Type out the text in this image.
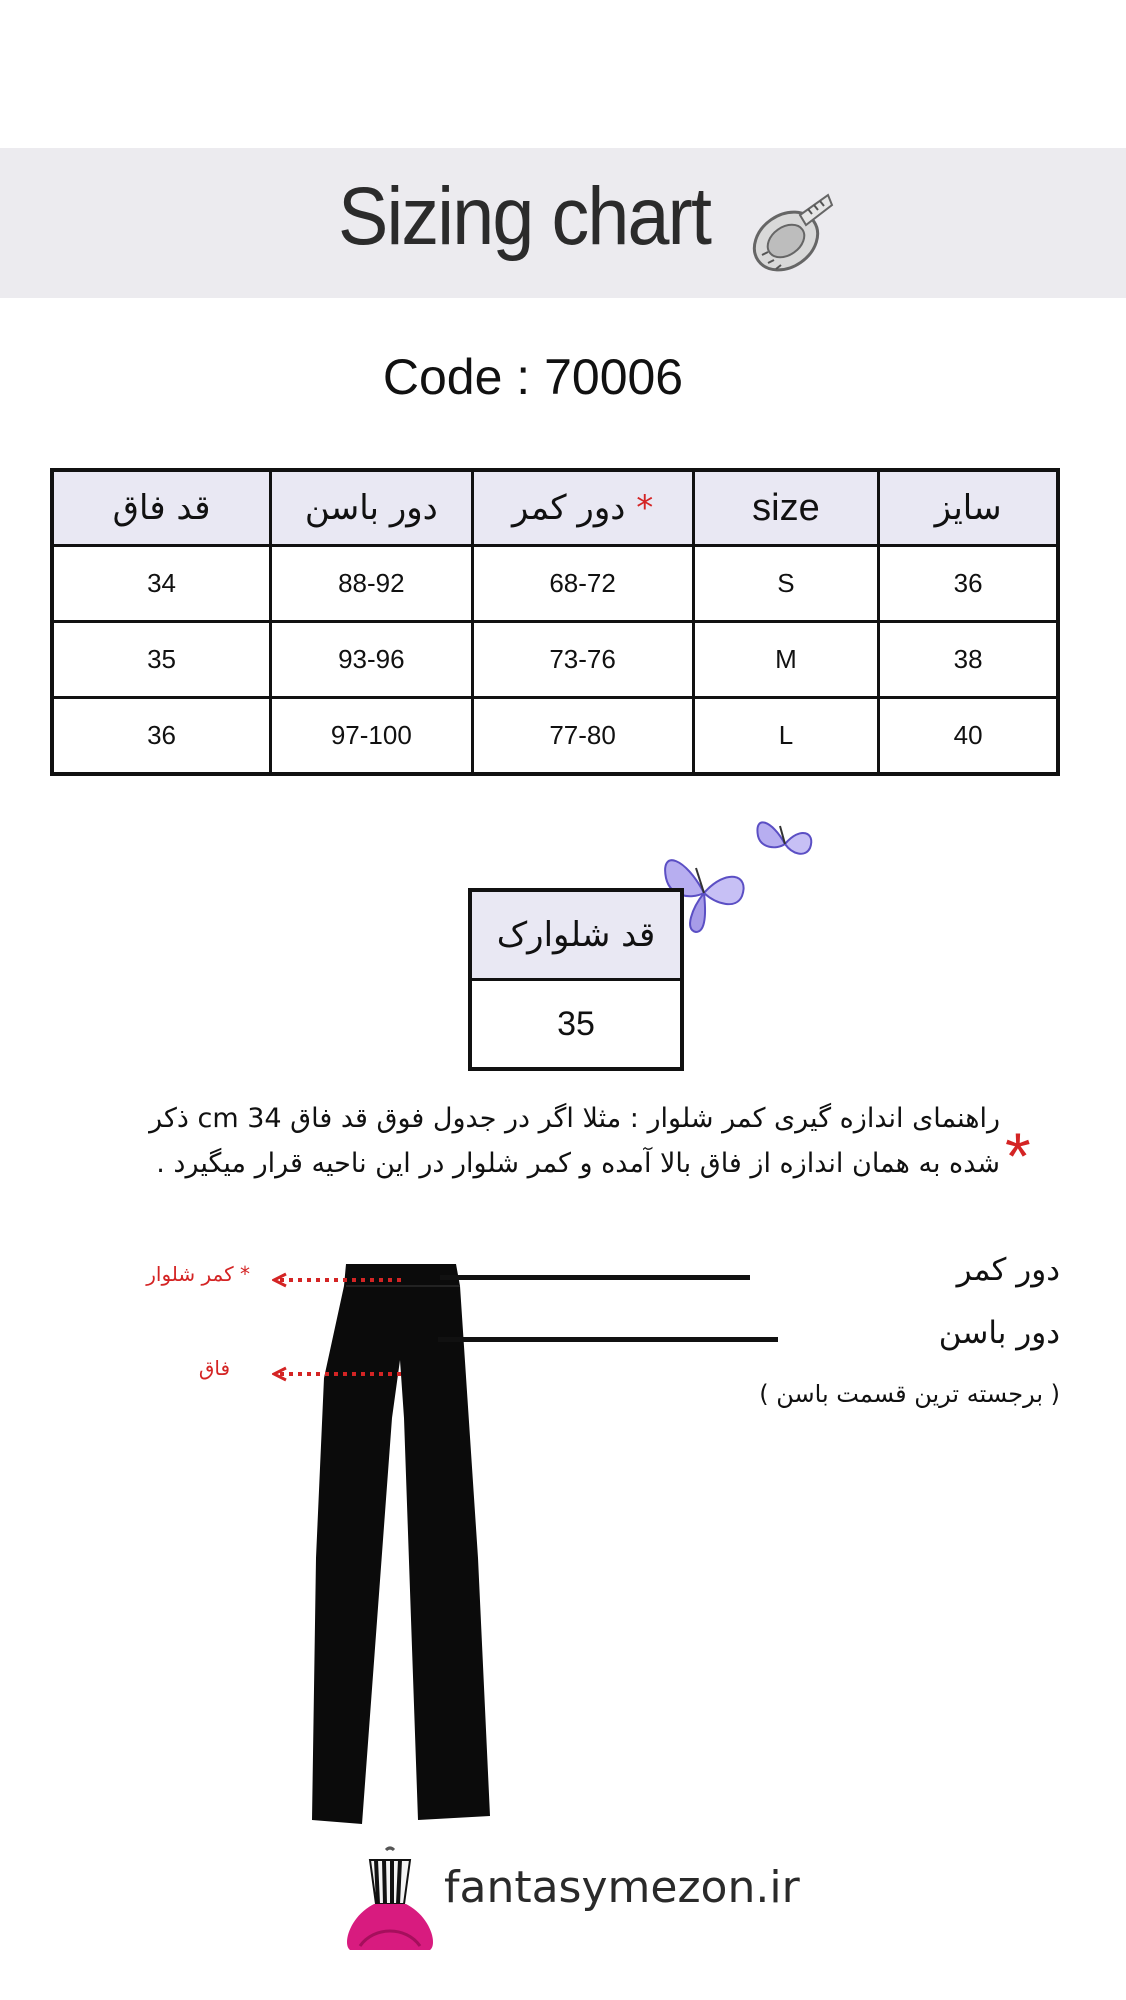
Sizing chart
Code : 70006
قد فاق	دور باسن	دور کمر *	size	سایز
34	88-92	68-72	S	36
35	93-96	73-76	M	38
36	97-100	77-80	L	40
قد شلوارک
35
راهنمای اندازه گیری کمر شلوار : مثلا اگر در جدول فوق قد فاق 34 cm ذکر
شده به همان اندازه از فاق بالا آمده و کمر شلوار در این ناحیه قرار میگیرد . *
دور کمر
دور باسن
( برجسته ترین قسمت باسن )
* کمر شلوار
فاق
fantasymezon.ir
